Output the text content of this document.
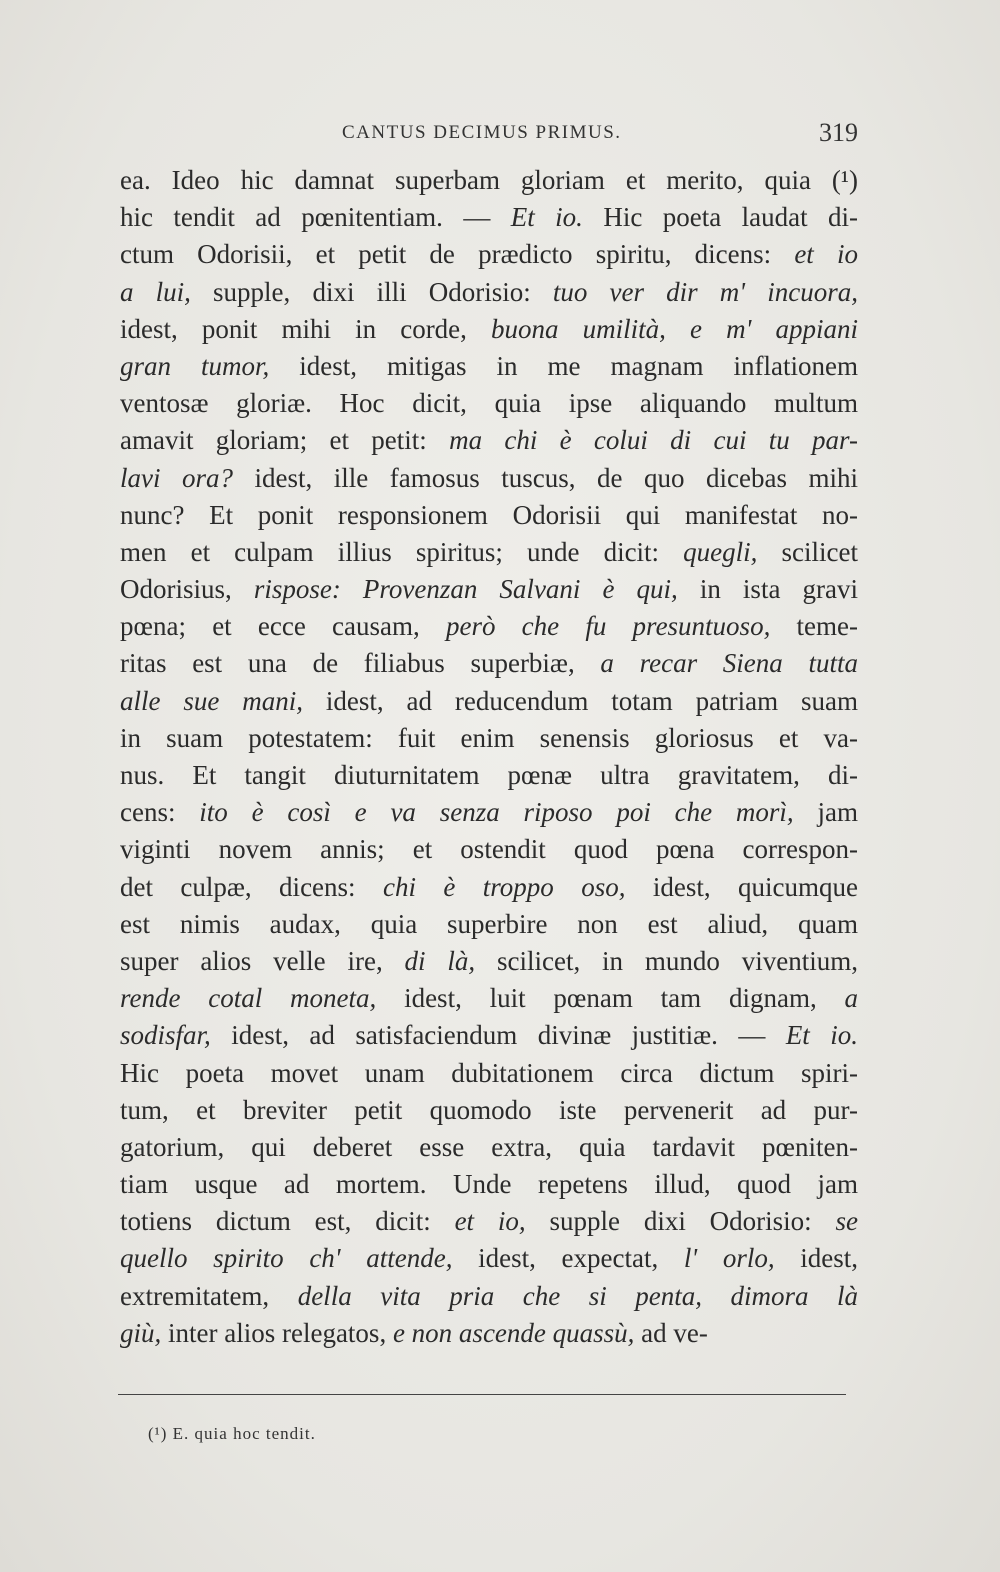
CANTUS DECIMUS PRIMUS.	319
ea. Ideo hic damnat superbam gloriam et merito, quia (¹)
hic tendit ad pœnitentiam. — Et io. Hic poeta laudat di-
ctum Odorisii, et petit de prædicto spiritu, dicens: et io
a lui, supple, dixi illi Odorisio: tuo ver dir m' incuora,
idest, ponit mihi in corde, buona umilità, e m' appiani
gran tumor, idest, mitigas in me magnam inflationem
ventosæ gloriæ. Hoc dicit, quia ipse aliquando multum
amavit gloriam; et petit: ma chi è colui di cui tu par-
lavi ora? idest, ille famosus tuscus, de quo dicebas mihi
nunc? Et ponit responsionem Odorisii qui manifestat no-
men et culpam illius spiritus; unde dicit: quegli, scilicet
Odorisius, rispose: Provenzan Salvani è qui, in ista gravi
pœna; et ecce causam, però che fu presuntuoso, teme-
ritas est una de filiabus superbiæ, a recar Siena tutta
alle sue mani, idest, ad reducendum totam patriam suam
in suam potestatem: fuit enim senensis gloriosus et va-
nus. Et tangit diuturnitatem pœnæ ultra gravitatem, di-
cens: ito è così e va senza riposo poi che morì, jam
viginti novem annis; et ostendit quod pœna correspon-
det culpæ, dicens: chi è troppo oso, idest, quicumque
est nimis audax, quia superbire non est aliud, quam
super alios velle ire, di là, scilicet, in mundo viventium,
rende cotal moneta, idest, luit pœnam tam dignam, a
sodisfar, idest, ad satisfaciendum divinæ justitiæ. — Et io.
Hic poeta movet unam dubitationem circa dictum spiri-
tum, et breviter petit quomodo iste pervenerit ad pur-
gatorium, qui deberet esse extra, quia tardavit pœniten-
tiam usque ad mortem. Unde repetens illud, quod jam
totiens dictum est, dicit: et io, supple dixi Odorisio: se
quello spirito ch' attende, idest, expectat, l' orlo, idest,
extremitatem, della vita pria che si penta, dimora là
giù, inter alios relegatos, e non ascende quassù, ad ve-
(¹) E. quia hoc tendit.
